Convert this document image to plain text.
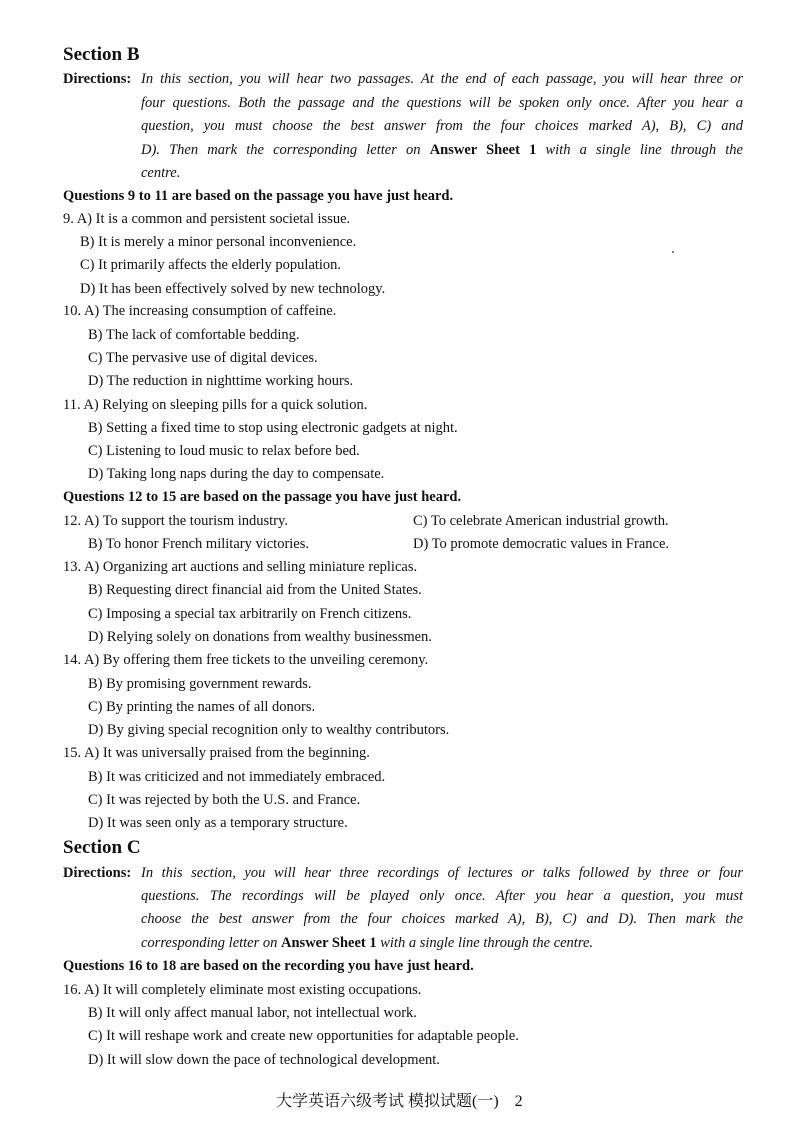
Section B
Directions: In this section, you will hear two passages. At the end of each passage, you will hear three or
four questions. Both the passage and the questions will be spoken only once. After you hear a
question, you must choose the best answer from the four choices marked A), B), C) and
D). Then mark the corresponding letter on Answer Sheet 1 with a single line through the
centre.
Questions 9 to 11 are based on the passage you have just heard.
9. A) It is a common and persistent societal issue.
B) It is merely a minor personal inconvenience.
C) It primarily affects the elderly population.
D) It has been effectively solved by new technology.
10. A) The increasing consumption of caffeine.
B) The lack of comfortable bedding.
C) The pervasive use of digital devices.
D) The reduction in nighttime working hours.
11. A) Relying on sleeping pills for a quick solution.
B) Setting a fixed time to stop using electronic gadgets at night.
C) Listening to loud music to relax before bed.
D) Taking long naps during the day to compensate.
Questions 12 to 15 are based on the passage you have just heard.
12. A) To support the tourism industry.	C) To celebrate American industrial growth.
B) To honor French military victories.	D) To promote democratic values in France.
13. A) Organizing art auctions and selling miniature replicas.
B) Requesting direct financial aid from the United States.
C) Imposing a special tax arbitrarily on French citizens.
D) Relying solely on donations from wealthy businessmen.
14. A) By offering them free tickets to the unveiling ceremony.
B) By promising government rewards.
C) By printing the names of all donors.
D) By giving special recognition only to wealthy contributors.
15. A) It was universally praised from the beginning.
B) It was criticized and not immediately embraced.
C) It was rejected by both the U.S. and France.
D) It was seen only as a temporary structure.
Section C
Directions: In this section, you will hear three recordings of lectures or talks followed by three or four
questions. The recordings will be played only once. After you hear a question, you must
choose the best answer from the four choices marked A), B), C) and D). Then mark the
corresponding letter on Answer Sheet 1 with a single line through the centre.
Questions 16 to 18 are based on the recording you have just heard.
16. A) It will completely eliminate most existing occupations.
B) It will only affect manual labor, not intellectual work.
C) It will reshape work and create new opportunities for adaptable people.
D) It will slow down the pace of technological development.
大学英语六级考试 模拟试题(一)　2
